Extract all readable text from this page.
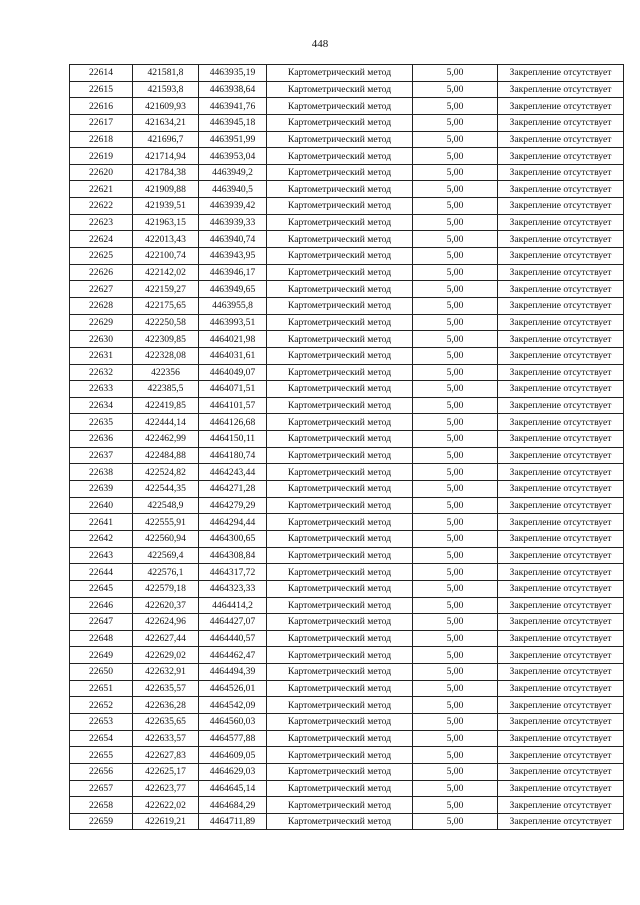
448
22614	421581,8	4463935,19	Картометрический метод	5,00	Закрепление отсутствует
22615	421593,8	4463938,64	Картометрический метод	5,00	Закрепление отсутствует
22616	421609,93	4463941,76	Картометрический метод	5,00	Закрепление отсутствует
22617	421634,21	4463945,18	Картометрический метод	5,00	Закрепление отсутствует
22618	421696,7	4463951,99	Картометрический метод	5,00	Закрепление отсутствует
22619	421714,94	4463953,04	Картометрический метод	5,00	Закрепление отсутствует
22620	421784,38	4463949,2	Картометрический метод	5,00	Закрепление отсутствует
22621	421909,88	4463940,5	Картометрический метод	5,00	Закрепление отсутствует
22622	421939,51	4463939,42	Картометрический метод	5,00	Закрепление отсутствует
22623	421963,15	4463939,33	Картометрический метод	5,00	Закрепление отсутствует
22624	422013,43	4463940,74	Картометрический метод	5,00	Закрепление отсутствует
22625	422100,74	4463943,95	Картометрический метод	5,00	Закрепление отсутствует
22626	422142,02	4463946,17	Картометрический метод	5,00	Закрепление отсутствует
22627	422159,27	4463949,65	Картометрический метод	5,00	Закрепление отсутствует
22628	422175,65	4463955,8	Картометрический метод	5,00	Закрепление отсутствует
22629	422250,58	4463993,51	Картометрический метод	5,00	Закрепление отсутствует
22630	422309,85	4464021,98	Картометрический метод	5,00	Закрепление отсутствует
22631	422328,08	4464031,61	Картометрический метод	5,00	Закрепление отсутствует
22632	422356	4464049,07	Картометрический метод	5,00	Закрепление отсутствует
22633	422385,5	4464071,51	Картометрический метод	5,00	Закрепление отсутствует
22634	422419,85	4464101,57	Картометрический метод	5,00	Закрепление отсутствует
22635	422444,14	4464126,68	Картометрический метод	5,00	Закрепление отсутствует
22636	422462,99	4464150,11	Картометрический метод	5,00	Закрепление отсутствует
22637	422484,88	4464180,74	Картометрический метод	5,00	Закрепление отсутствует
22638	422524,82	4464243,44	Картометрический метод	5,00	Закрепление отсутствует
22639	422544,35	4464271,28	Картометрический метод	5,00	Закрепление отсутствует
22640	422548,9	4464279,29	Картометрический метод	5,00	Закрепление отсутствует
22641	422555,91	4464294,44	Картометрический метод	5,00	Закрепление отсутствует
22642	422560,94	4464300,65	Картометрический метод	5,00	Закрепление отсутствует
22643	422569,4	4464308,84	Картометрический метод	5,00	Закрепление отсутствует
22644	422576,1	4464317,72	Картометрический метод	5,00	Закрепление отсутствует
22645	422579,18	4464323,33	Картометрический метод	5,00	Закрепление отсутствует
22646	422620,37	4464414,2	Картометрический метод	5,00	Закрепление отсутствует
22647	422624,96	4464427,07	Картометрический метод	5,00	Закрепление отсутствует
22648	422627,44	4464440,57	Картометрический метод	5,00	Закрепление отсутствует
22649	422629,02	4464462,47	Картометрический метод	5,00	Закрепление отсутствует
22650	422632,91	4464494,39	Картометрический метод	5,00	Закрепление отсутствует
22651	422635,57	4464526,01	Картометрический метод	5,00	Закрепление отсутствует
22652	422636,28	4464542,09	Картометрический метод	5,00	Закрепление отсутствует
22653	422635,65	4464560,03	Картометрический метод	5,00	Закрепление отсутствует
22654	422633,57	4464577,88	Картометрический метод	5,00	Закрепление отсутствует
22655	422627,83	4464609,05	Картометрический метод	5,00	Закрепление отсутствует
22656	422625,17	4464629,03	Картометрический метод	5,00	Закрепление отсутствует
22657	422623,77	4464645,14	Картометрический метод	5,00	Закрепление отсутствует
22658	422622,02	4464684,29	Картометрический метод	5,00	Закрепление отсутствует
22659	422619,21	4464711,89	Картометрический метод	5,00	Закрепление отсутствует
